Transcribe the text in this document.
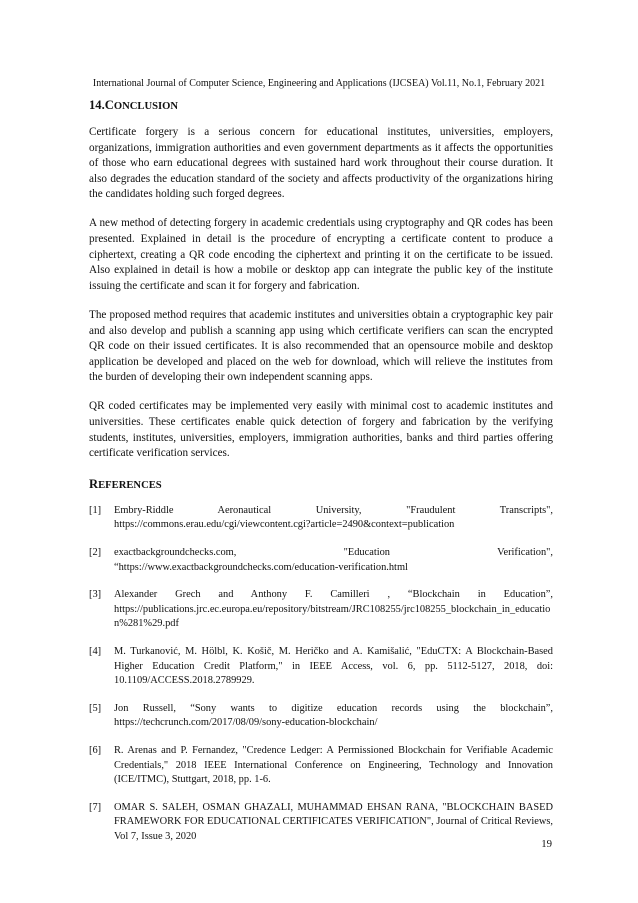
International Journal of Computer Science, Engineering and Applications (IJCSEA) Vol.11, No.1, February 2021
14.CONCLUSION

Certificate forgery is a serious concern for educational institutes, universities, employers, organizations, immigration authorities and even government departments as it affects the opportunities of those who earn educational degrees with sustained hard work throughout their course duration. It also degrades the education standard of the society and affects productivity of the organizations hiring the candidates holding such forged degrees.

A new method of detecting forgery in academic credentials using cryptography and QR codes has been presented. Explained in detail is the procedure of encrypting a certificate content to produce a ciphertext, creating a QR code encoding the ciphertext and printing it on the certificate to be issued. Also explained in detail is how a mobile or desktop app can integrate the public key of the institute issuing the certificate and scan it for forgery and fabrication.

The proposed method requires that academic institutes and universities obtain a cryptographic key pair and also develop and publish a scanning app using which certificate verifiers can scan the encrypted QR code on their issued certificates. It is also recommended that an opensource mobile and desktop application be developed and placed on the web for download, which will relieve the institutes from the burden of developing their own independent scanning apps.

QR coded certificates may be implemented very easily with minimal cost to academic institutes and universities. These certificates enable quick detection of forgery and fabrication by the verifying students, institutes, universities, employers, immigration authorities, banks and third parties offering certificate verification services.

REFERENCES
[1]	Embry-Riddle Aeronautical University, "Fraudulent Transcripts",
https://commons.erau.edu/cgi/viewcontent.cgi?article=2490&context=publication
[2]	exactbackgroundchecks.com, "Education Verification",
“https://www.exactbackgroundchecks.com/education-verification.html
[3]	Alexander Grech and Anthony F. Camilleri , “Blockchain in Education”,
https://publications.jrc.ec.europa.eu/repository/bitstream/JRC108255/jrc108255_blockchain_in_education%281%29.pdf
[4]	M. Turkanović, M. Hölbl, K. Košič, M. Heričko and A. Kamišalić, "EduCTX: A Blockchain-Based Higher Education Credit Platform," in IEEE Access, vol. 6, pp. 5112-5127, 2018, doi: 10.1109/ACCESS.2018.2789929.
[5]	Jon Russell, “Sony wants to digitize education records using the blockchain”,
https://techcrunch.com/2017/08/09/sony-education-blockchain/
[6]	R. Arenas and P. Fernandez, "Credence Ledger: A Permissioned Blockchain for Verifiable Academic Credentials," 2018 IEEE International Conference on Engineering, Technology and Innovation (ICE/ITMC), Stuttgart, 2018, pp. 1-6.
[7]	OMAR S. SALEH, OSMAN GHAZALI, MUHAMMAD EHSAN RANA, "BLOCKCHAIN BASED FRAMEWORK FOR EDUCATIONAL CERTIFICATES VERIFICATION", Journal of Critical Reviews, Vol 7, Issue 3, 2020
19
